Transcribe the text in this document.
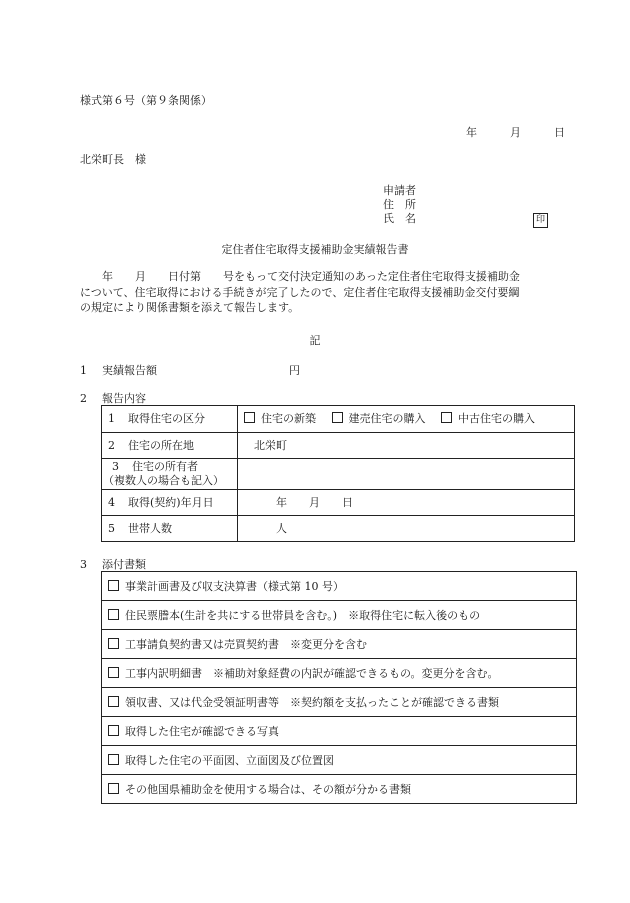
様式第６号（第９条関係）
年	月	日
北栄町長　様
申請者
住　所
氏　名	印
定住者住宅取得支援補助金実績報告書

　　年　　月　　日付第　　号をもって交付決定通知のあった定住者住宅取得支援補助金

について、住宅取得における手続きが完了したので、定住者住宅取得支援補助金交付要綱

の規定により関係書類を添えて報告します。

記
1 実績報告額	円
2 報告内容
1 取得住宅の区分	住宅の新築 建売住宅の購入 中古住宅の購入
2 住宅の所在地	北栄町
3 住宅の所有者
（複数人の場合も記入）	
4 取得(契約)年月日	年　　月　　日
5 世帯人数	人
3 添付書類
事業計画書及び収支決算書（様式第 10 号）
住民票謄本(生計を共にする世帯員を含む。)　※取得住宅に転入後のもの
工事請負契約書又は売買契約書　※変更分を含む
工事内訳明細書　※補助対象経費の内訳が確認できるもの。変更分を含む。
領収書、又は代金受領証明書等　※契約額を支払ったことが確認できる書類
取得した住宅が確認できる写真
取得した住宅の平面図、立面図及び位置図
その他国県補助金を使用する場合は、その額が分かる書類
